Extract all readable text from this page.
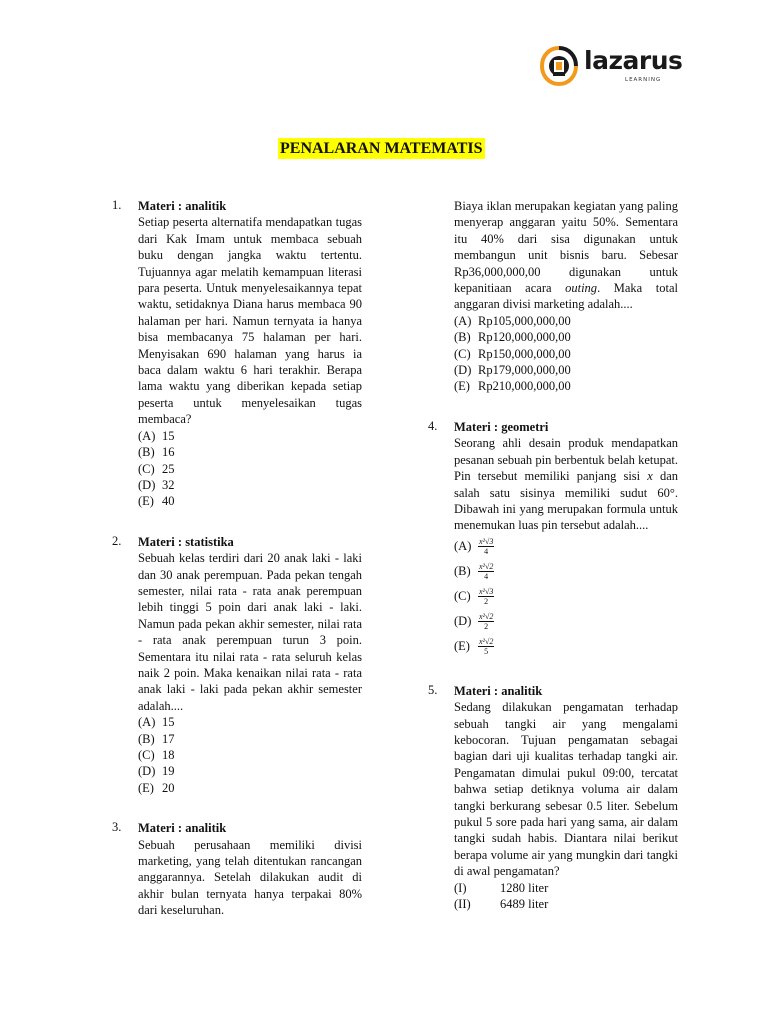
lazarus
LEARNING
PENALARAN MATEMATIS
1. Materi : analitik
Setiap peserta alternatifa mendapatkan tugas dari Kak Imam untuk membaca sebuah buku dengan jangka waktu tertentu. Tujuannya agar melatih kemampuan literasi para peserta. Untuk menyelesaikannya tepat waktu, setidaknya Diana harus membaca 90 halaman per hari. Namun ternyata ia hanya bisa membacanya 75 halaman per hari. Menyisakan 690 halaman yang harus ia baca dalam waktu 6 hari terakhir. Berapa lama waktu yang diberikan kepada setiap peserta untuk menyelesaikan tugas membaca?
(A) 15
(B) 16
(C) 25
(D) 32
(E) 40
2. Materi : statistika
Sebuah kelas terdiri dari 20 anak laki - laki dan 30 anak perempuan. Pada pekan tengah semester, nilai rata - rata anak perempuan lebih tinggi 5 poin dari anak laki - laki. Namun pada pekan akhir semester, nilai rata - rata anak perempuan turun 3 poin. Sementara itu nilai rata - rata seluruh kelas naik 2 poin. Maka kenaikan nilai rata - rata anak laki - laki pada pekan akhir semester adalah....
(A) 15
(B) 17
(C) 18
(D) 19
(E) 20
3. Materi : analitik
Sebuah perusahaan memiliki divisi marketing, yang telah ditentukan rancangan anggarannya. Setelah dilakukan audit di akhir bulan ternyata hanya terpakai 80% dari keseluruhan.
Biaya iklan merupakan kegiatan yang paling menyerap anggaran yaitu 50%. Sementara itu 40% dari sisa digunakan untuk membangun unit bisnis baru. Sebesar Rp36,000,000,00 digunakan untuk kepanitiaan acara outing. Maka total anggaran divisi marketing adalah....
(A) Rp105,000,000,00
(B) Rp120,000,000,00
(C) Rp150,000,000,00
(D) Rp179,000,000,00
(E) Rp210,000,000,00
4. Materi : geometri
Seorang ahli desain produk mendapatkan pesanan sebuah pin berbentuk belah ketupat. Pin tersebut memiliki panjang sisi x dan salah satu sisinya memiliki sudut 60°. Dibawah ini yang merupakan formula untuk menemukan luas pin tersebut adalah....
$(A) \frac{\text{x²√3}}{4}$
$(B) \frac{\text{x²√2}}{4}$
$(C) \frac{\text{x²√3}}{2}$
$(D) \frac{\text{x²√2}}{2}$
(E)	$\frac{\text{x²√2}}{5}$
5. Materi : analitik
Sedang dilakukan pengamatan terhadap sebuah tangki air yang mengalami kebocoran. Tujuan pengamatan sebagai bagian dari uji kualitas terhadap tangki air. Pengamatan dimulai pukul 09:00, tercatat bahwa setiap detiknya voluma air dalam tangki berkurang sebesar 0.5 liter. Sebelum pukul 5 sore pada hari yang sama, air dalam tangki sudah habis. Diantara nilai berikut berapa volume air yang mungkin dari tangki di awal pengamatan?
(I)	1280 liter
(II) 6489 liter
